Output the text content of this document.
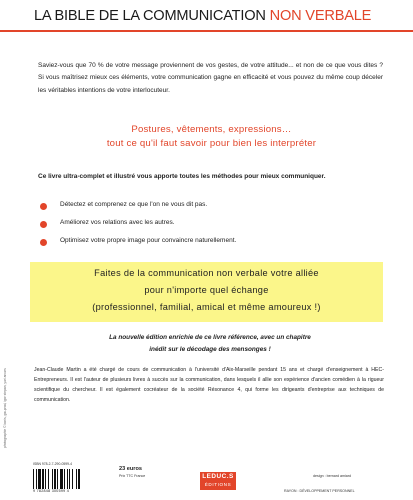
LA BIBLE DE LA COMMUNICATION NON VERBALE

Saviez-vous que 70 % de votre message proviennent de vos gestes, de votre attitude... et non de ce que vous dites ? Si vous maîtrisez mieux ces éléments, votre communication gagne en efficacité et vous pouvez du même coup déceler les véritables intentions de votre interlocuteur.

Postures, vêtements, expressions…
tout ce qu'il faut savoir pour bien les interpréter

Ce livre ultra-complet et illustré vous apporte toutes les méthodes pour mieux communiquer.

Détectez et comprenez ce que l'on ne vous dit pas.
Améliorez vos relations avec les autres.
Optimisez votre propre image pour convaincre naturellement.
Faites de la communication non verbale votre alliée
pour n'importe quel échange
(professionnel, familial, amical et même amoureux !)
La nouvelle édition enrichie de ce livre référence, avec un chapitre
inédit sur le décodage des mensonges !

Jean-Claude Martin a été chargé de cours de communication à l'université d'Aix-Marseille pendant 15 ans et chargé d'enseignement à HEC-Entrepreneurs. Il est l'auteur de plusieurs livres à succès sur la communication, dans lesquels il allie son expérience d'ancien comédien à la rigueur scientifique du chercheur. Il est également cocréateur de la société Résonance 4, qui forme les dirigeants d'entreprise aux techniques de communication.

photographie © boris, gw-prod, igor stepan, yuri arcurs
ISBN 978-2-7-290-0599-4
9 782848 300599 4
23 euros
Prix TTC France	LEDUC.S
ÉDITIONS
design : bernard amiard
RAYON : DÉVELOPPEMENT PERSONNEL
